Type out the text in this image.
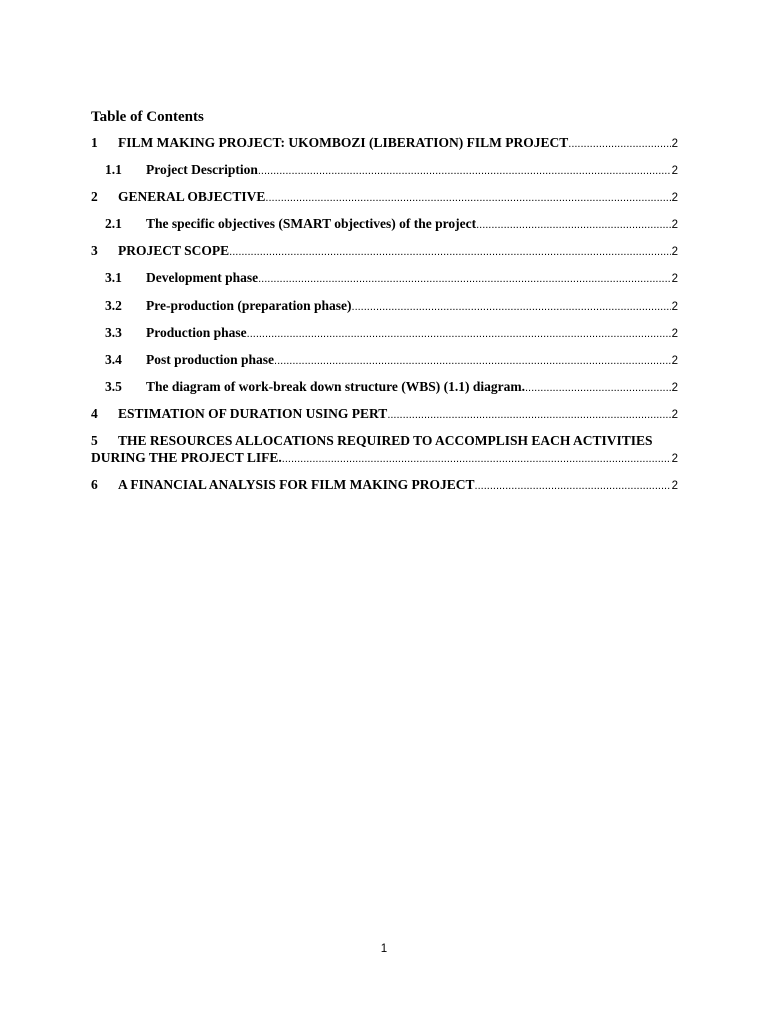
Table of Contents
1	FILM MAKING PROJECT: UKOMBOZI (LIBERATION) FILM PROJECT .....	2
1.1	Project Description .....	2
2	GENERAL OBJECTIVE .....	2
2.1	The specific objectives (SMART objectives) of the project .....	2
3	PROJECT SCOPE .....	2
3.1	Development phase .....	2
3.2	Pre-production (preparation phase) .....	2
3.3	Production phase .....	2
3.4	Post production phase .....	2
3.5	The diagram of work-break down structure (WBS) (1.1) diagram. .....	2
4	ESTIMATION OF DURATION USING PERT .....	2
5	THE RESOURCES ALLOCATIONS REQUIRED TO ACCOMPLISH EACH ACTIVITIES
DURING THE PROJECT LIFE. .....	2
6	A FINANCIAL ANALYSIS FOR FILM MAKING PROJECT .....	2
1
